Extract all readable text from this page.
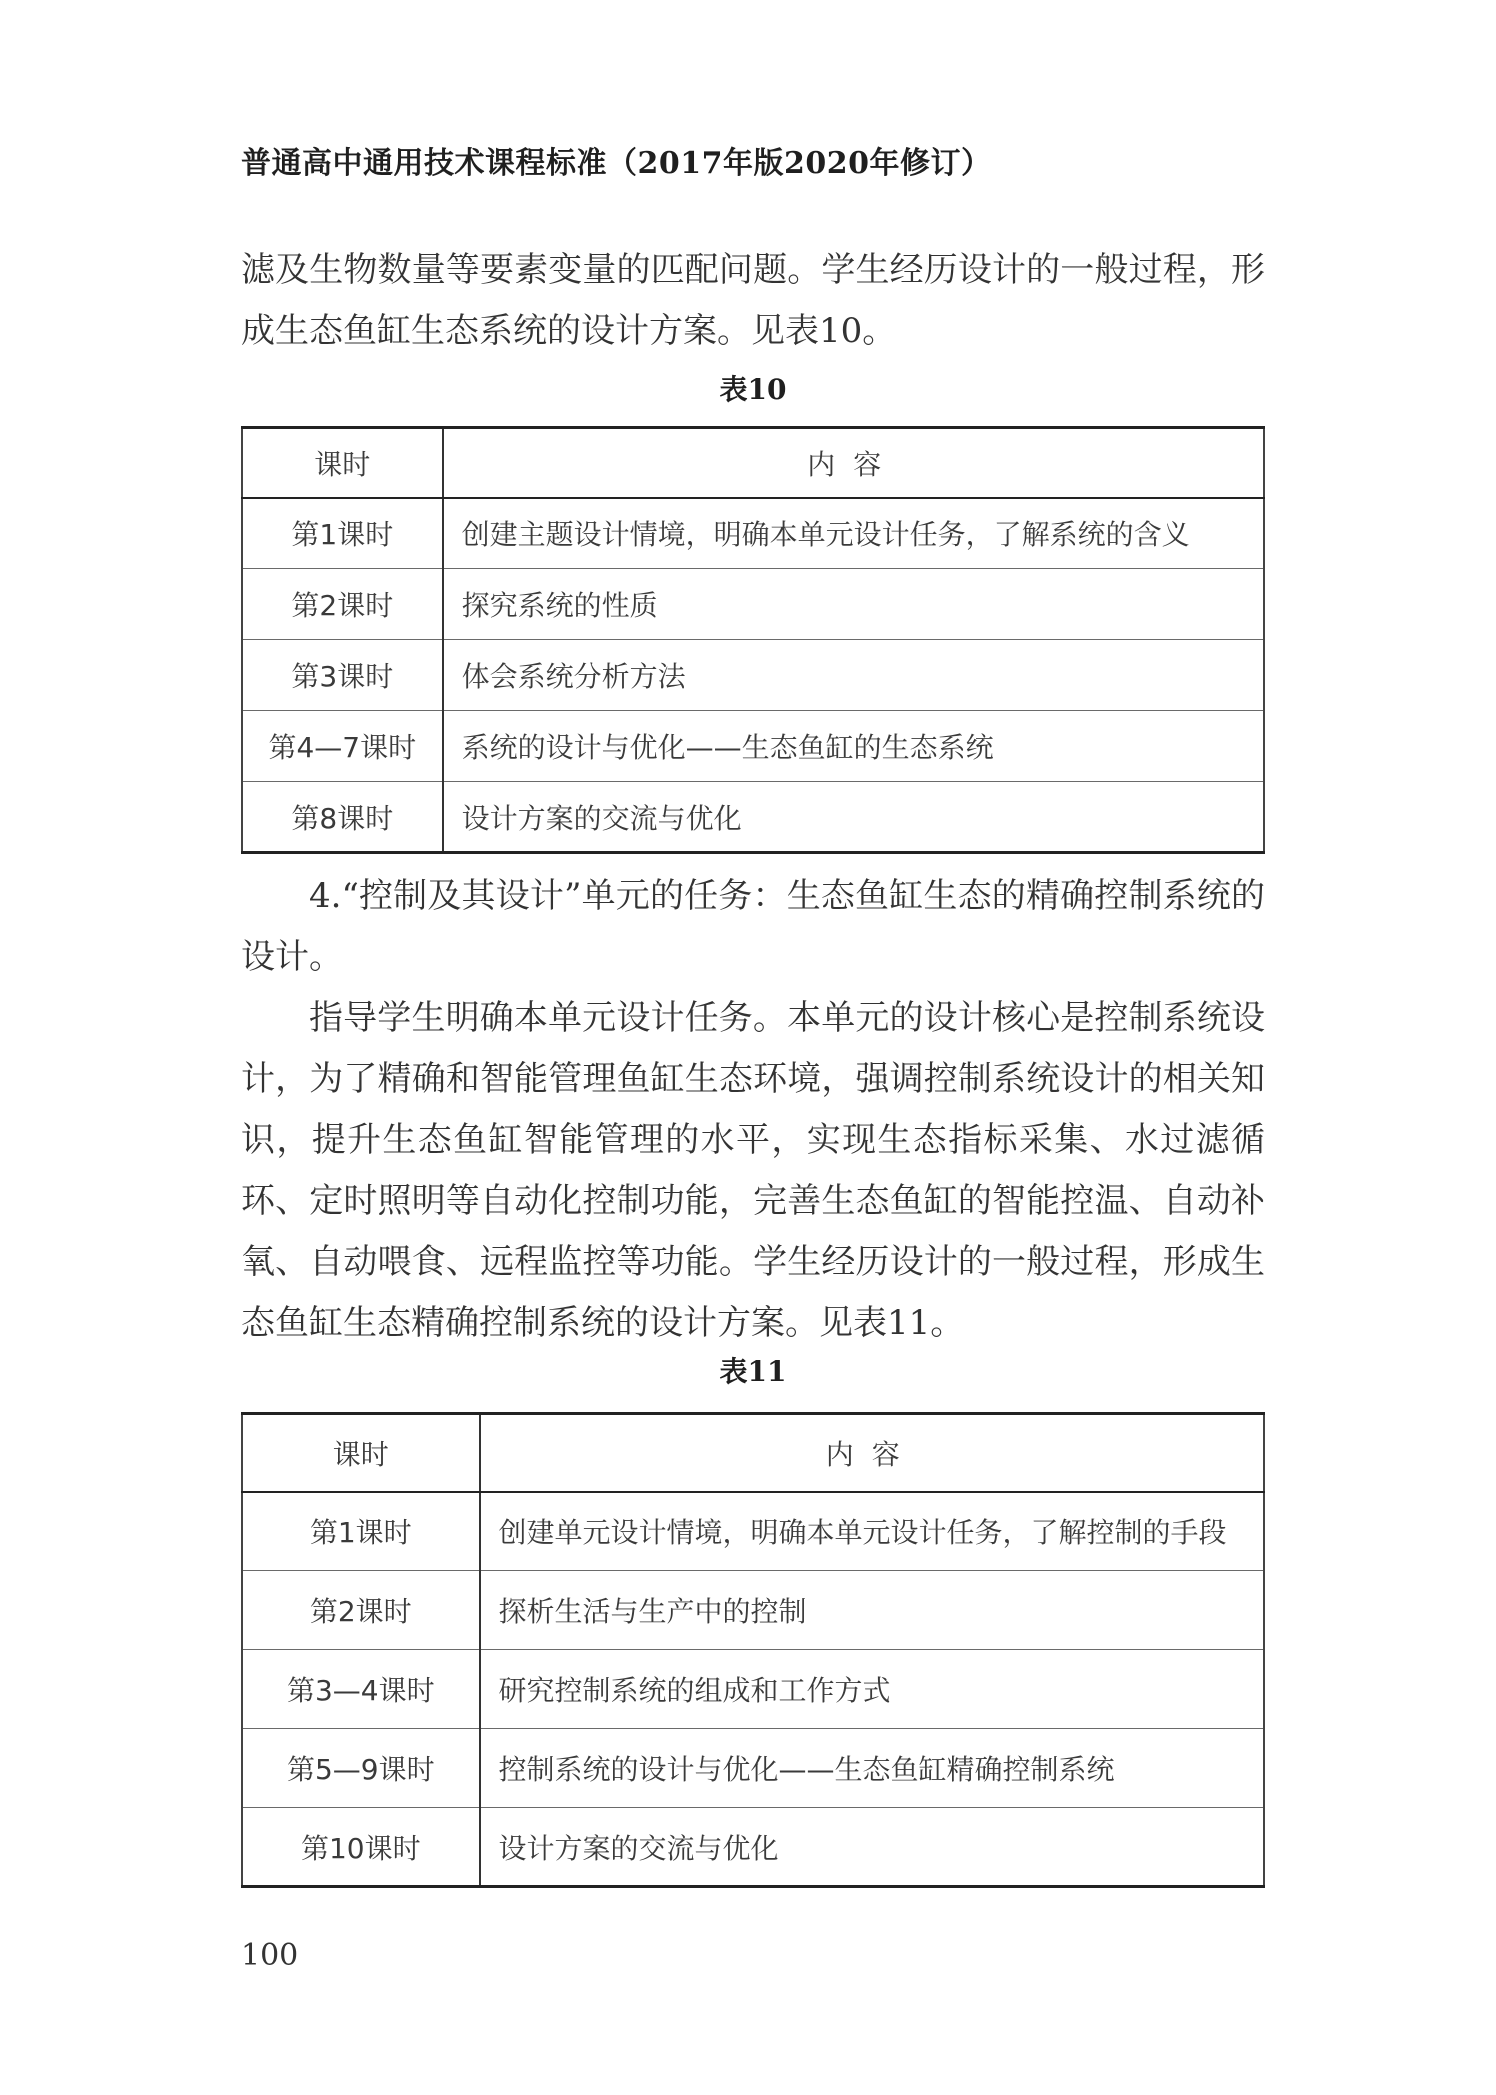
普通高中通用技术课程标准（2017年版2020年修订）

滤及生物数量等要素变量的匹配问题。学生经历设计的一般过程，形成生态鱼缸生态系统的设计方案。见表10。

表10
课时	内容
第1课时	创建主题设计情境，明确本单元设计任务，了解系统的含义
第2课时	探究系统的性质
第3课时	体会系统分析方法
第4—7课时	系统的设计与优化——生态鱼缸的生态系统
第8课时	设计方案的交流与优化

4.“控制及其设计”单元的任务：生态鱼缸生态的精确控制系统的设计。

指导学生明确本单元设计任务。本单元的设计核心是控制系统设计，为了精确和智能管理鱼缸生态环境，强调控制系统设计的相关知识，提升生态鱼缸智能管理的水平，实现生态指标采集、水过滤循环、定时照明等自动化控制功能，完善生态鱼缸的智能控温、自动补氧、自动喂食、远程监控等功能。学生经历设计的一般过程，形成生态鱼缸生态精确控制系统的设计方案。见表11。

表11
课时	内容
第1课时	创建单元设计情境，明确本单元设计任务，了解控制的手段
第2课时	探析生活与生产中的控制
第3—4课时	研究控制系统的组成和工作方式
第5—9课时	控制系统的设计与优化——生态鱼缸精确控制系统
第10课时	设计方案的交流与优化
100
